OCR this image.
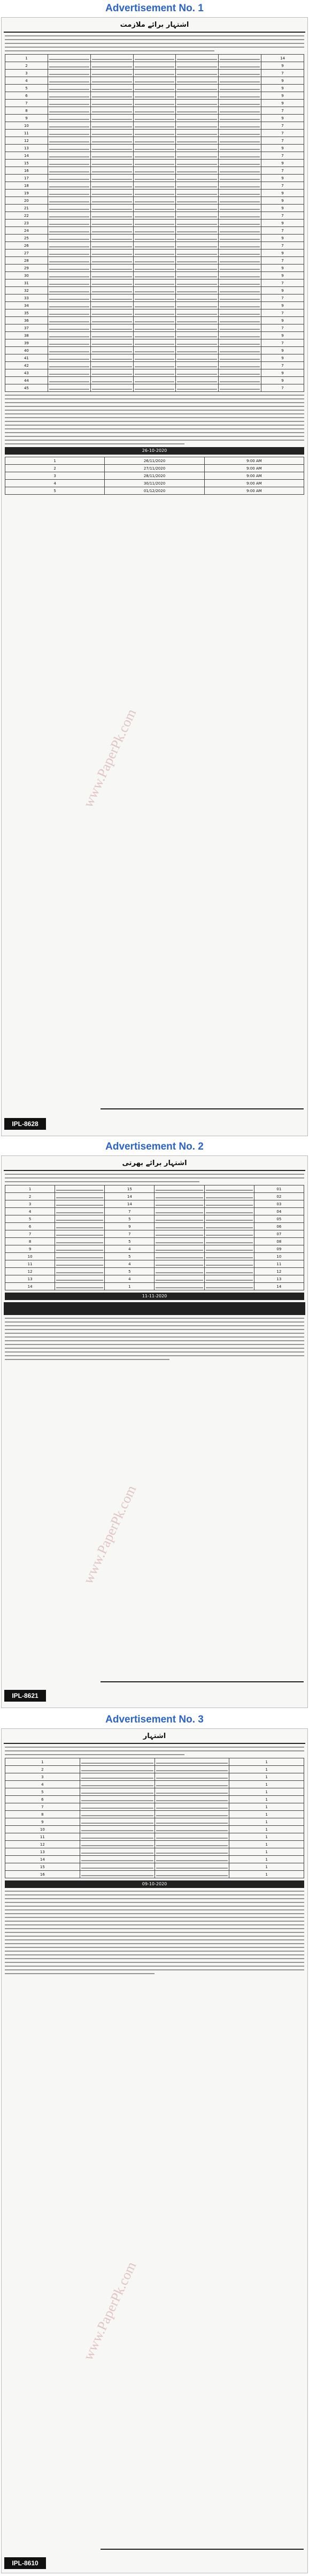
Advertisement No. 1
اشتہار برائے ملازمت
1						14
2						9
3						7
4						9
5						9
6						9
7						9
8						7
9						9
10						7
11						7
12						7
13						9
14						7
15						9
16						7
17						9
18						7
19						9
20						9
21						9
22						7
23						9
24						7
25						9
26						7
27						9
28						7
29						9
30						9
31						7
32						9
33						7
34						9
35						7
36						9
37						7
38						9
39						7
40						9
41						9
42						7
43						9
44						9
45						7
26-10-2020
1	26/11/2020	9:00 AM
2	27/11/2020	9:00 AM
3	28/11/2020	9:00 AM
4	30/11/2020	9:00 AM
5	01/12/2020	9:00 AM
IPL-8628
Advertisement No. 2
اشتہار برائے بھرتی
1		15			01
2		14			02
3		14			03
4		7			04
5		5			05
6		9			06
7		7			07
8		5			08
9		4			09
10		5			10
11		4			11
12		5			12
13		4			13
14		1			14
11-11-2020
IPL-8621
Advertisement No. 3
اشتہار
1			1
2			1
3			1
4			1
5			1
6			1
7			1
8			1
9			1
10			1
11			1
12			1
13			1
14			1
15			1
16			1
09-10-2020
IPL-8610
www.PaperPk.com
www.PaperPk.com
www.PaperPk.com
